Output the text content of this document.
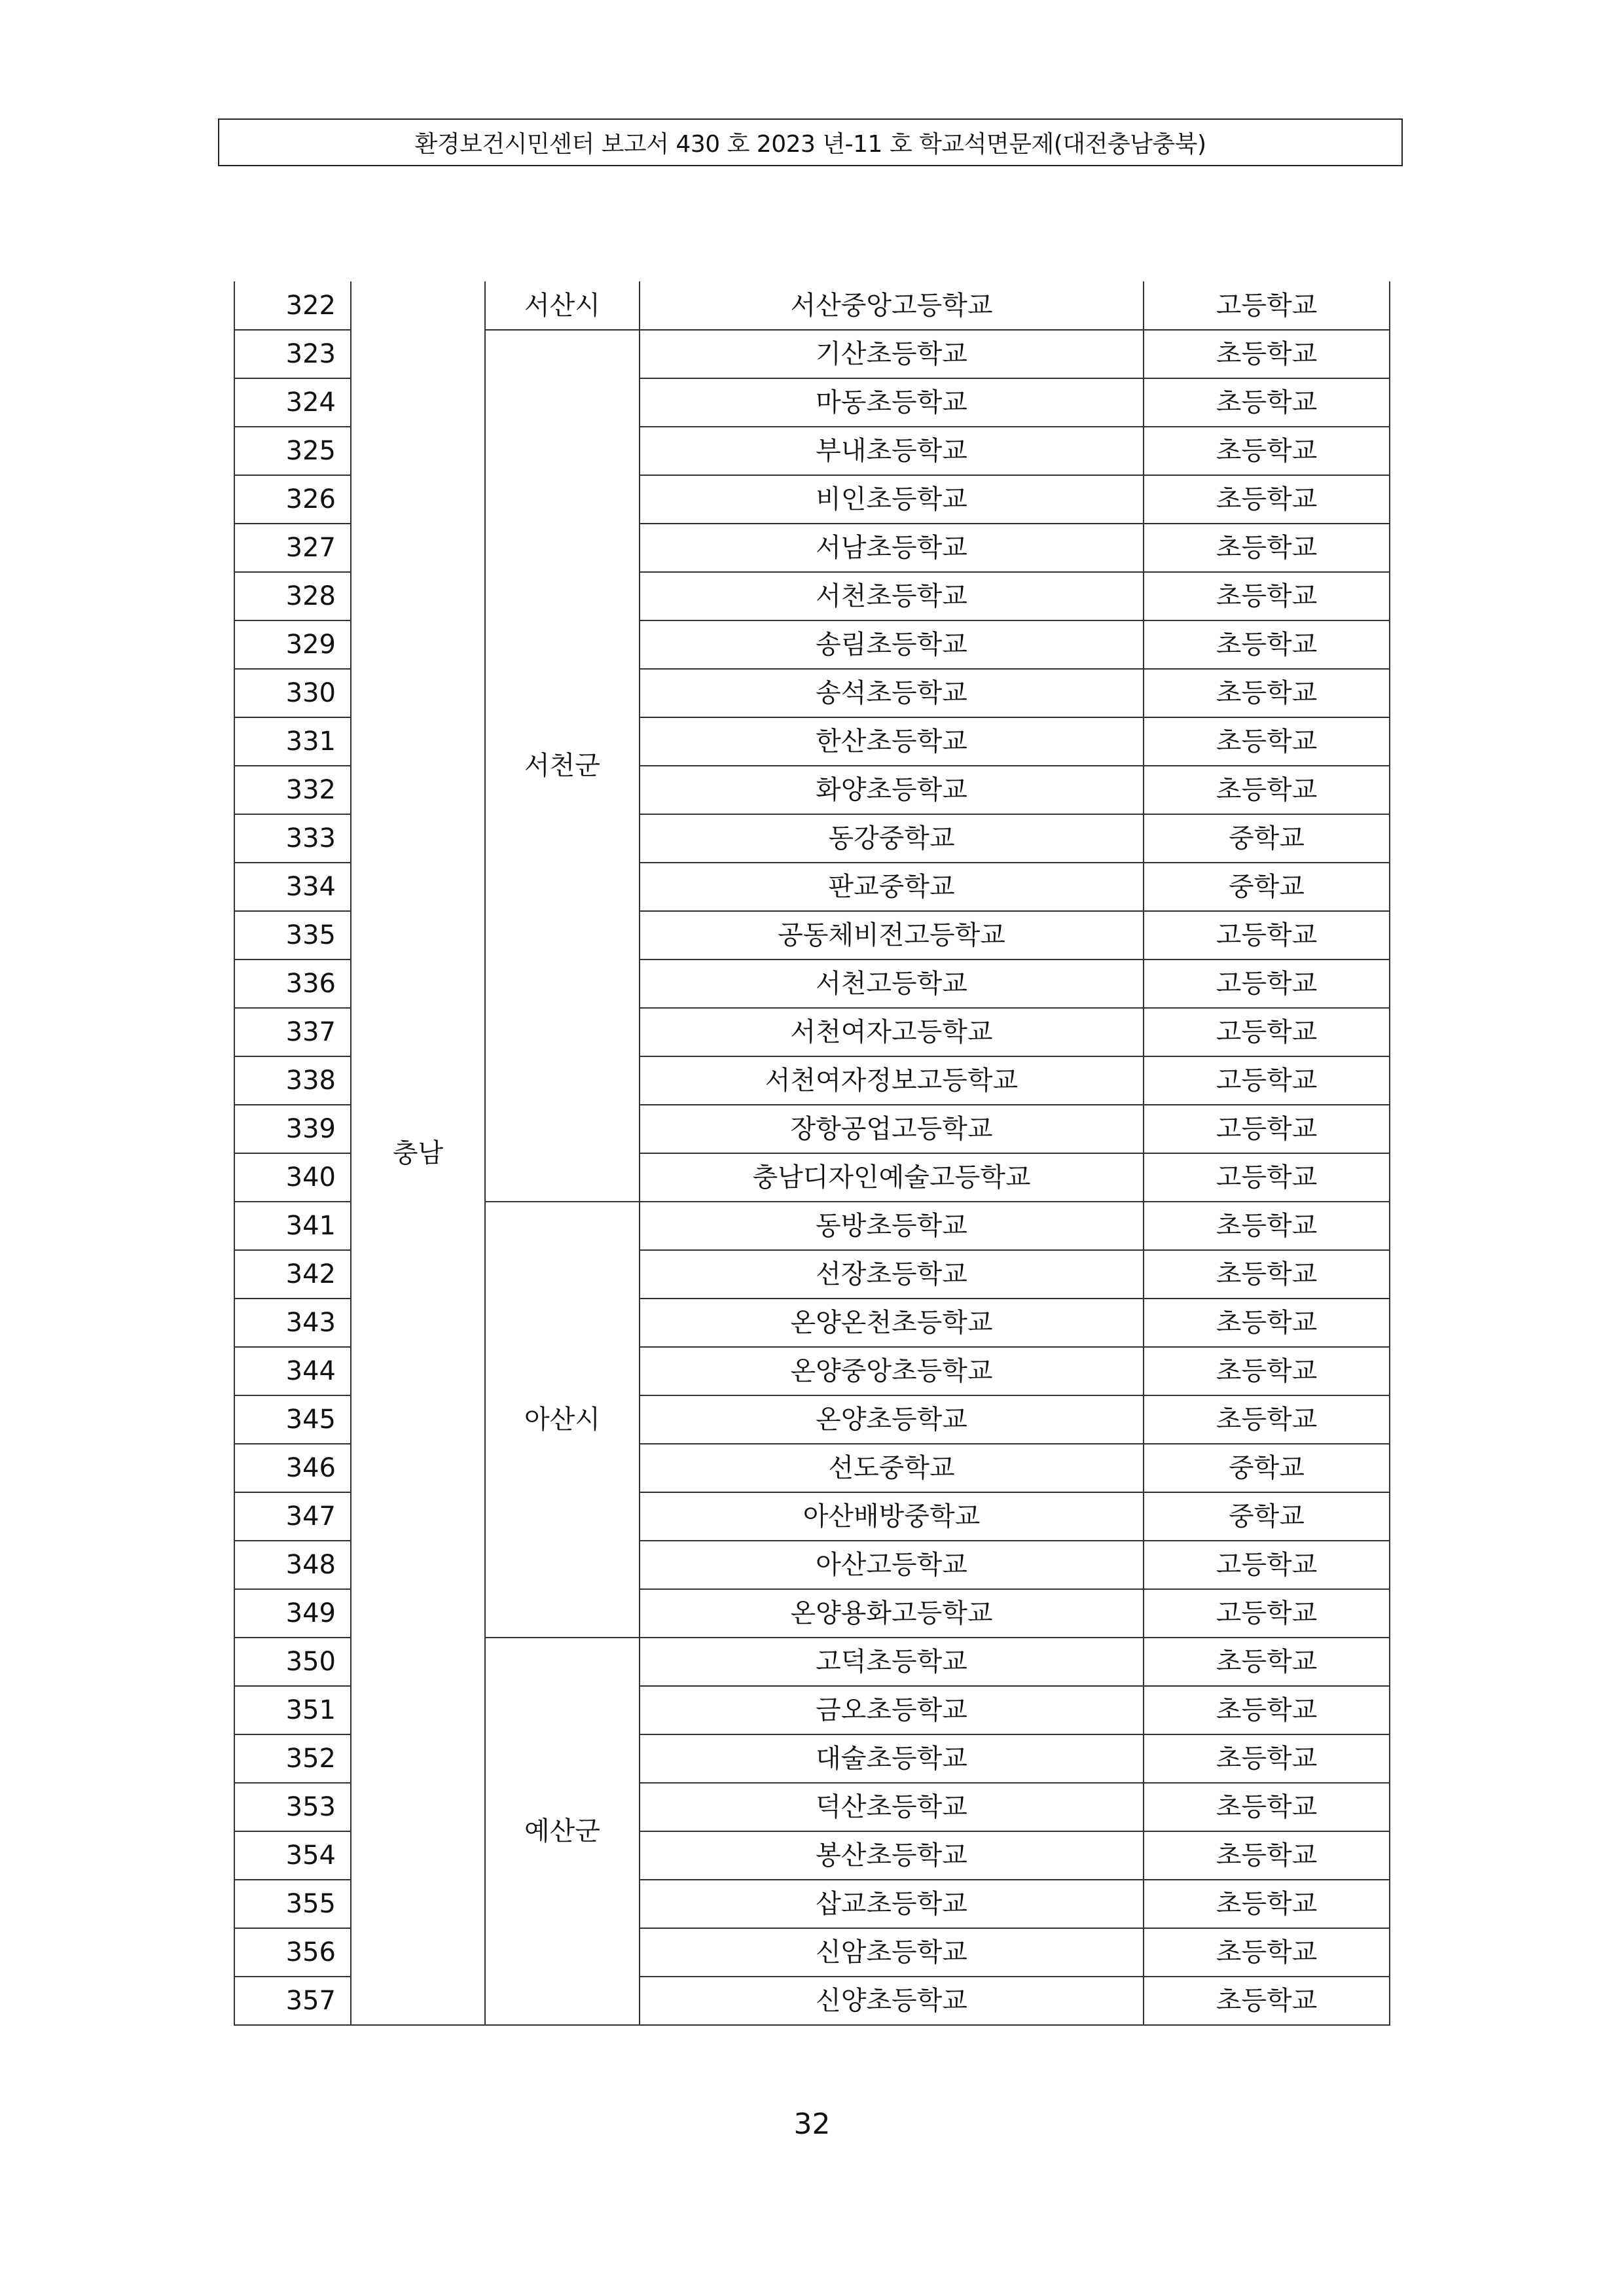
환경보건시민센터 보고서 430 호 2023 년-11 호 학교석면문제(대전충남충북)
322	충남	서산시	서산중앙고등학교	고등학교
323		서천군	기산초등학교	초등학교
324			마동초등학교	초등학교
325			부내초등학교	초등학교
326			비인초등학교	초등학교
327			서남초등학교	초등학교
328			서천초등학교	초등학교
329			송림초등학교	초등학교
330			송석초등학교	초등학교
331			한산초등학교	초등학교
332			화양초등학교	초등학교
333			동강중학교	중학교
334			판교중학교	중학교
335			공동체비전고등학교	고등학교
336			서천고등학교	고등학교
337			서천여자고등학교	고등학교
338			서천여자정보고등학교	고등학교
339			장항공업고등학교	고등학교
340			충남디자인예술고등학교	고등학교
341		아산시	동방초등학교	초등학교
342			선장초등학교	초등학교
343			온양온천초등학교	초등학교
344			온양중앙초등학교	초등학교
345			온양초등학교	초등학교
346			선도중학교	중학교
347			아산배방중학교	중학교
348			아산고등학교	고등학교
349			온양용화고등학교	고등학교
350		예산군	고덕초등학교	초등학교
351			금오초등학교	초등학교
352			대술초등학교	초등학교
353			덕산초등학교	초등학교
354			봉산초등학교	초등학교
355			삽교초등학교	초등학교
356			신암초등학교	초등학교
357			신양초등학교	초등학교
32
